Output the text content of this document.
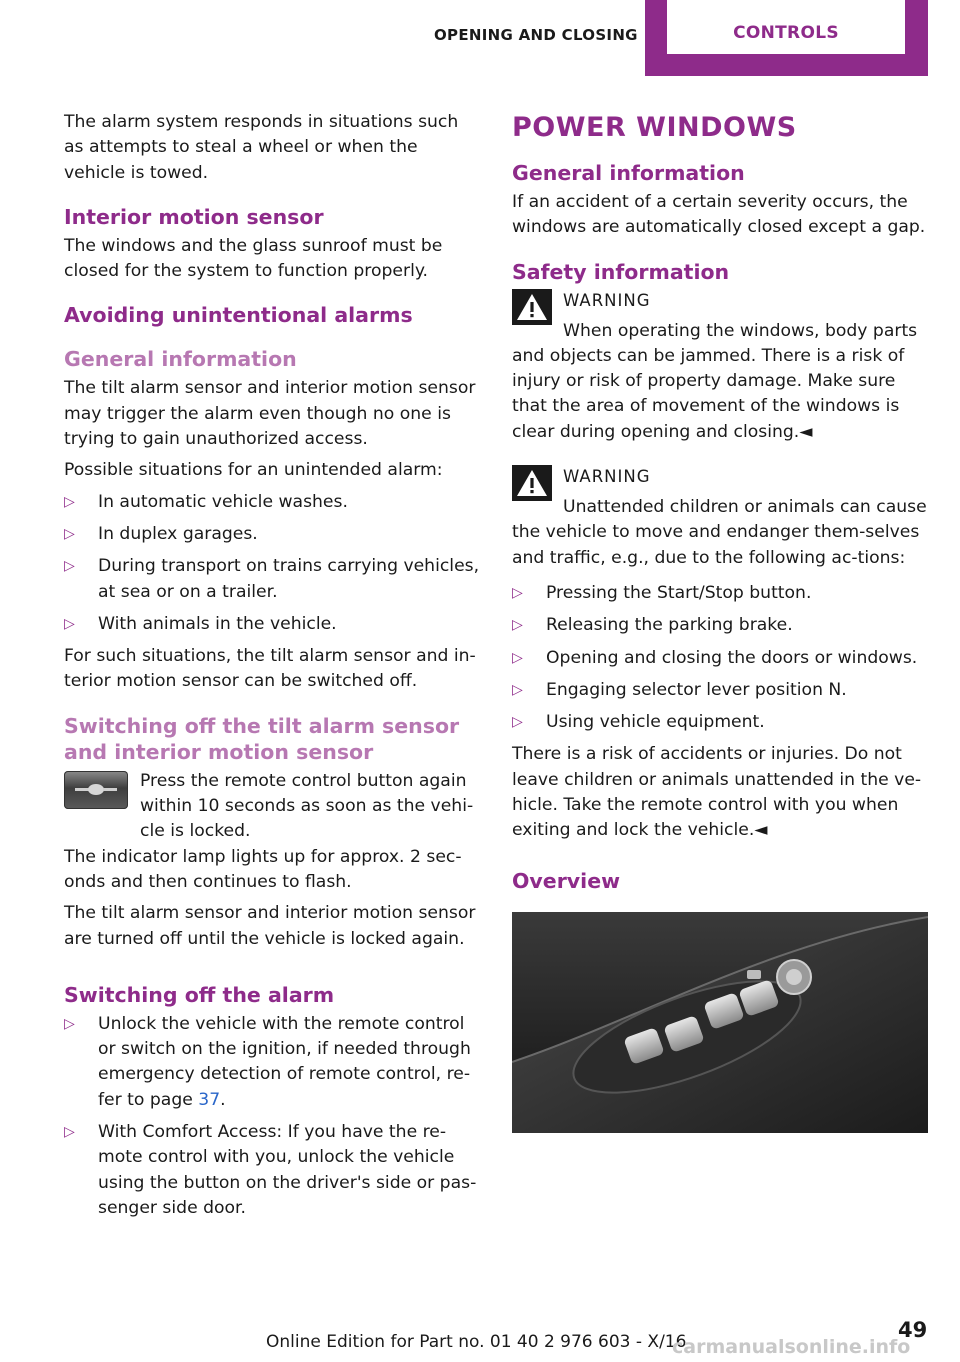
OPENING AND CLOSING	CONTROLS

The alarm system responds in situations such as attempts to steal a wheel or when the vehicle is towed.

Interior motion sensor

The windows and the glass sunroof must be closed for the system to function properly.

Avoiding unintentional alarms
General information

The tilt alarm sensor and interior motion sensor may trigger the alarm even though no one is trying to gain unauthorized access.

Possible situations for an unintended alarm:

▷ In automatic vehicle washes.
▷ In duplex garages.
▷ During transport on trains carrying vehicles, at sea or on a trailer.
▷ With animals in the vehicle.

For such situations, the tilt alarm sensor and in-terior motion sensor can be switched off.

Switching off the tilt alarm sensor and interior motion sensor

Press the remote control button again within 10 seconds as soon as the vehi-cle is locked.

The indicator lamp lights up for approx. 2 sec-onds and then continues to flash.

The tilt alarm sensor and interior motion sensor are turned off until the vehicle is locked again.

Switching off the alarm
▷ Unlock the vehicle with the remote control or switch on the ignition, if needed through emergency detection of remote control, re-fer to page 37.
▷ With Comfort Access: If you have the re-mote control with you, unlock the vehicle using the button on the driver's side or pas-senger side door.
POWER WINDOWS
General information

If an accident of a certain severity occurs, the windows are automatically closed except a gap.

Safety information
WARNING

When operating the windows, body parts and objects can be jammed. There is a risk of injury or risk of property damage. Make sure that the area of movement of the windows is clear during opening and closing.◄

WARNING

Unattended children or animals can cause the vehicle to move and endanger them-selves and traffic, e.g., due to the following ac-tions:

▷ Pressing the Start/Stop button.
▷ Releasing the parking brake.
▷ Opening and closing the doors or windows.
▷ Engaging selector lever position N.
▷ Using vehicle equipment.

There is a risk of accidents or injuries. Do not leave children or animals unattended in the ve-hicle. Take the remote control with you when exiting and lock the vehicle.◄

Overview
Online Edition for Part no. 01 40 2 976 603 - X/16	49
carmanualsonline.info
